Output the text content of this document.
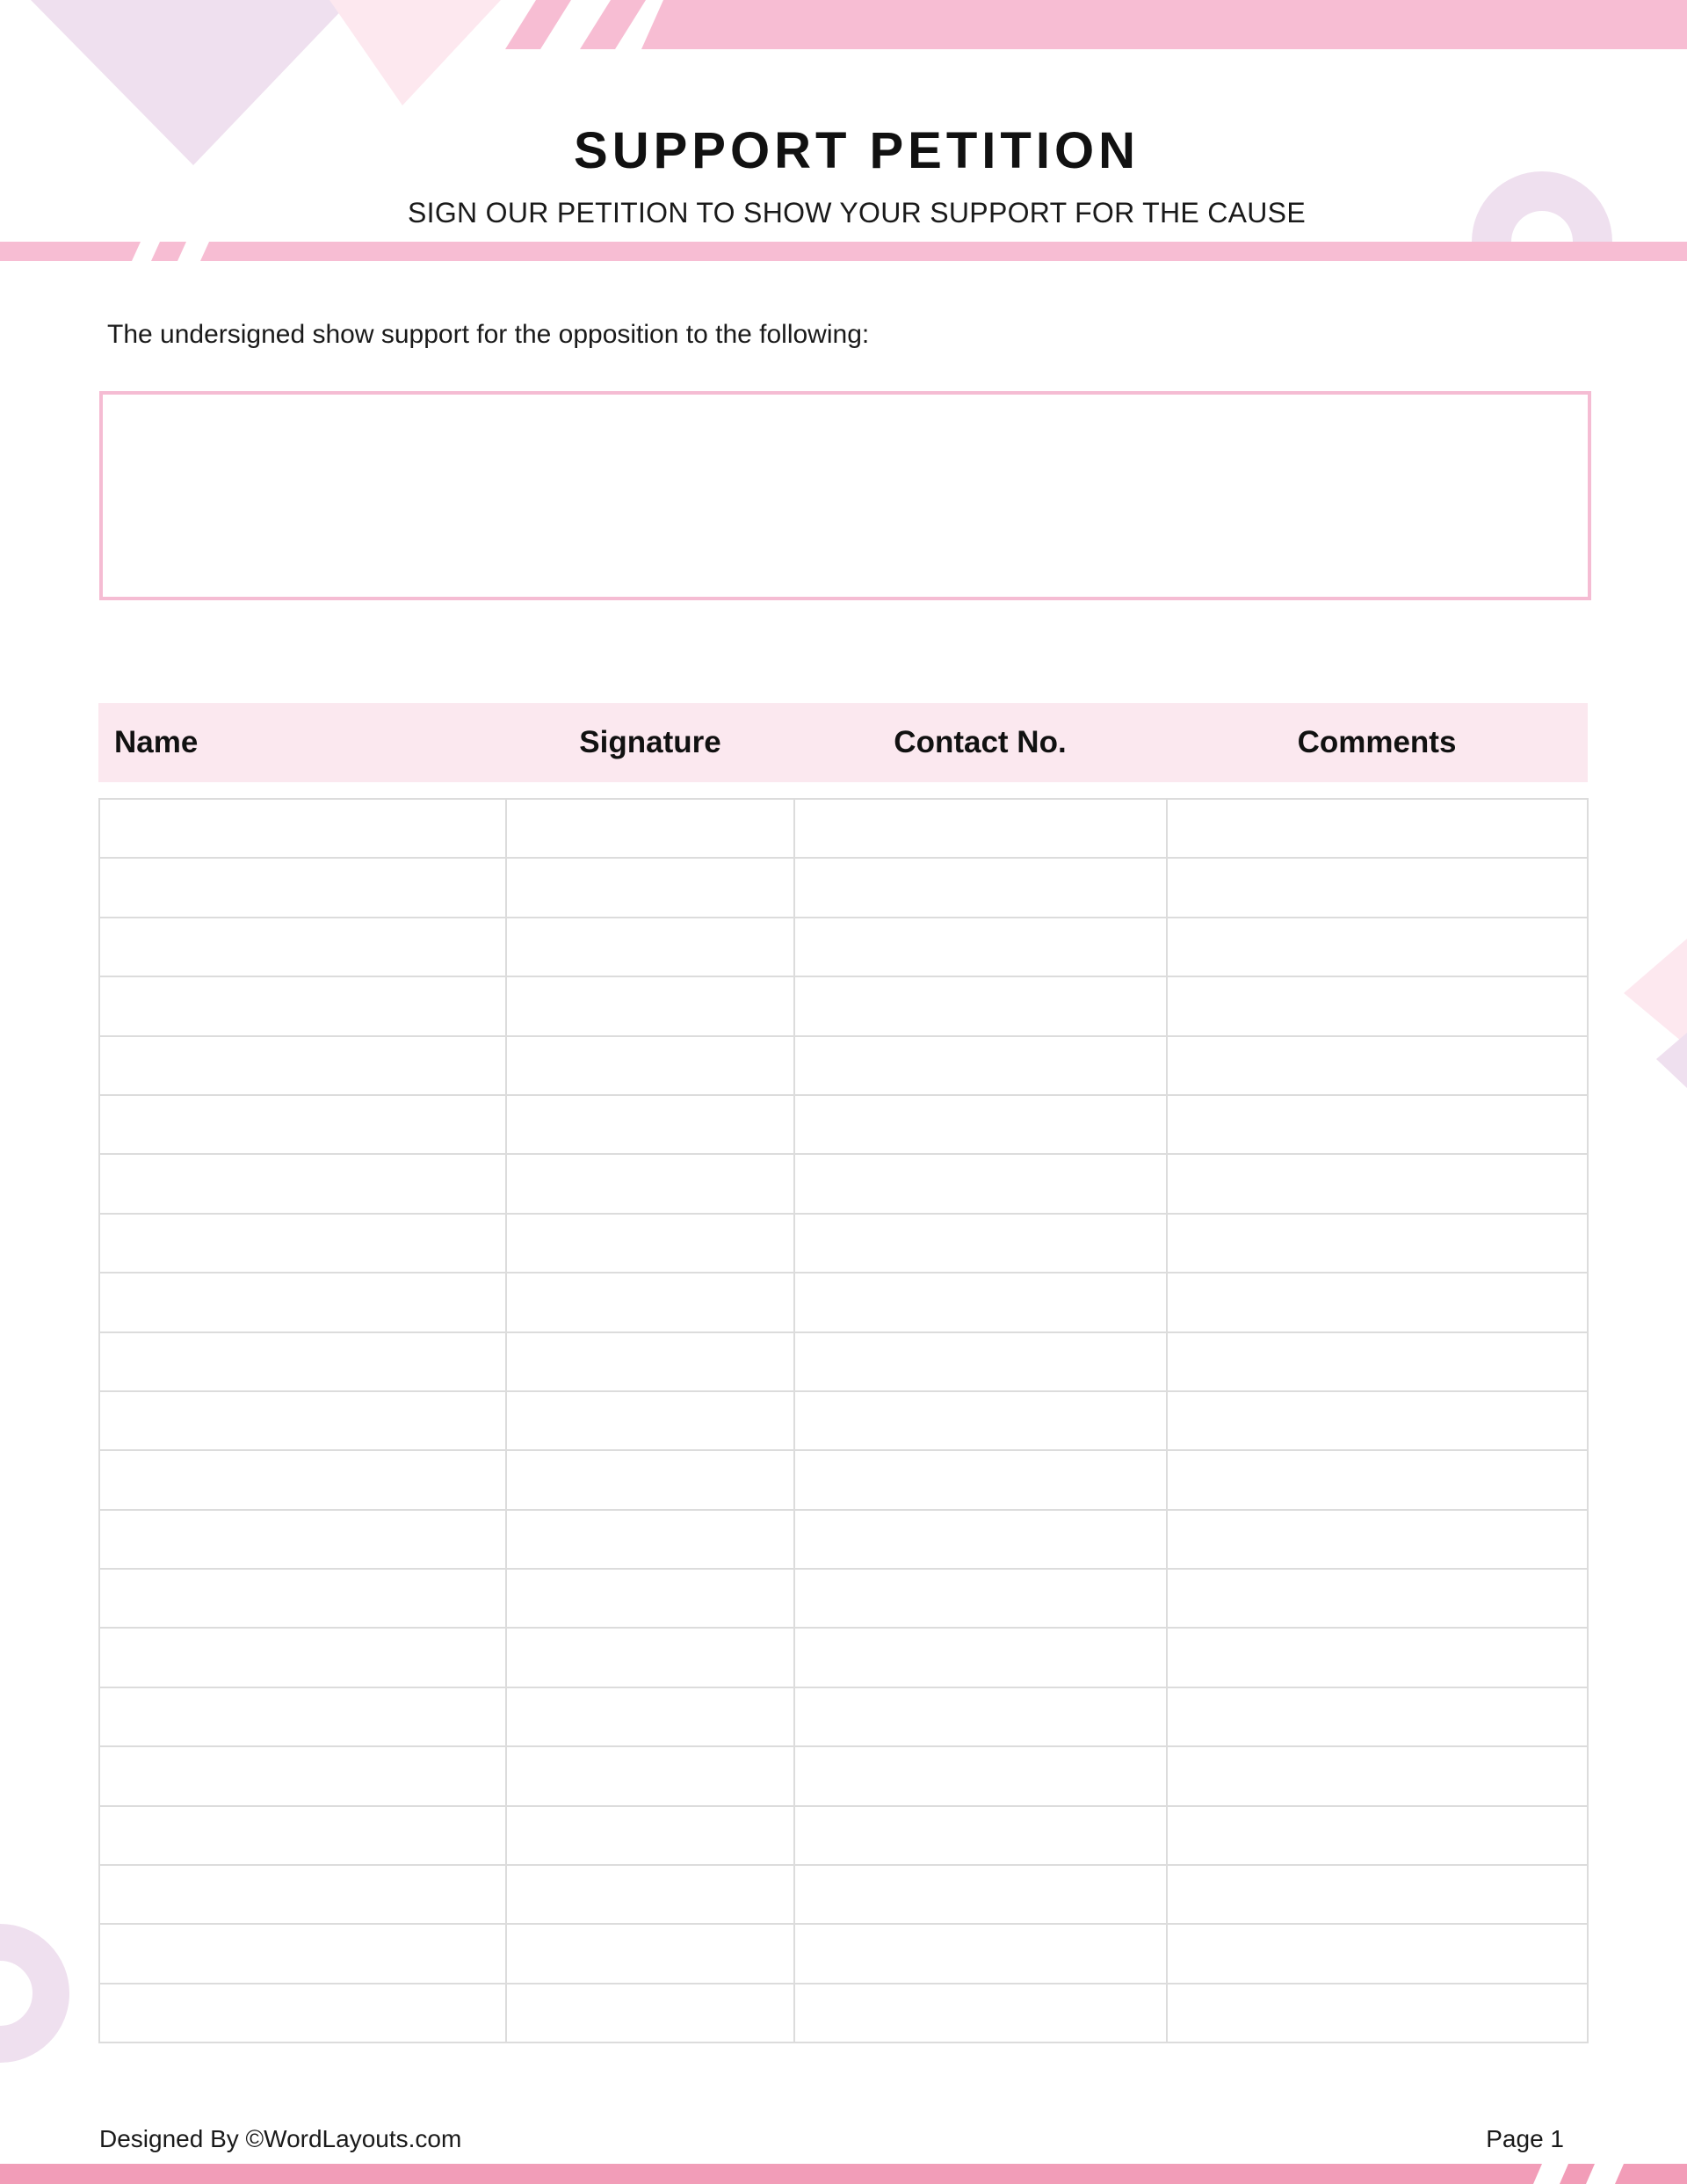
SUPPORT PETITION
SIGN OUR PETITION TO SHOW YOUR SUPPORT FOR THE CAUSE
The undersigned show support for the opposition to the following:
Name	Signature	Contact No.	Comments

Designed By ©WordLayouts.com	Page 1
